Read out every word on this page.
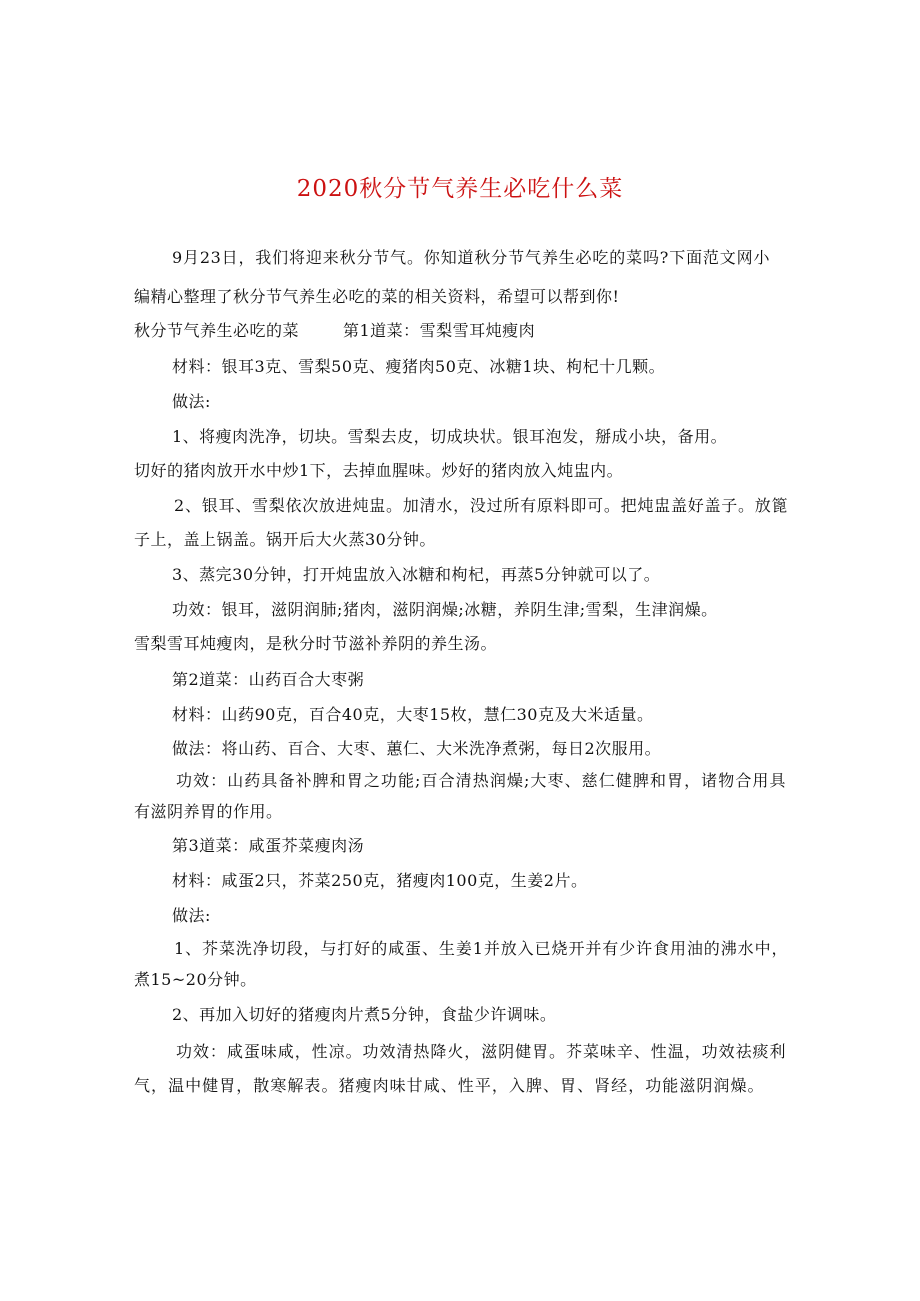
2020秋分节气养生必吃什么菜
9月23日，我们将迎来秋分节气。你知道秋分节气养生必吃的菜吗?下面范文网小
编精心整理了秋分节气养生必吃的菜的相关资料，希望可以帮到你!
秋分节气养生必吃的菜	第1道菜：雪梨雪耳炖瘦肉
材料：银耳3克、雪梨50克、瘦猪肉50克、冰糖1块、枸杞十几颗。
做法:
1、将瘦肉洗净，切块。雪梨去皮，切成块状。银耳泡发，掰成小块，备用。
切好的猪肉放开水中炒1下，去掉血腥味。炒好的猪肉放入炖盅内。
2、银耳、雪梨依次放进炖盅。加清水，没过所有原料即可。把炖盅盖好盖子。放篦
子上，盖上锅盖。锅开后大火蒸30分钟。
3、蒸完30分钟，打开炖盅放入冰糖和枸杞，再蒸5分钟就可以了。
功效：银耳，滋阴润肺;猪肉，滋阴润燥;冰糖，养阴生津;雪梨，生津润燥。
雪梨雪耳炖瘦肉，是秋分时节滋补养阴的养生汤。
第2道菜：山药百合大枣粥
材料：山药90克，百合40克，大枣15枚，慧仁30克及大米适量。
做法：将山药、百合、大枣、蕙仁、大米洗净煮粥，每日2次服用。
功效：山药具备补脾和胃之功能;百合清热润燥;大枣、慈仁健脾和胃，诸物合用具
有滋阴养胃的作用。
第3道菜：咸蛋芥菜瘦肉汤
材料：咸蛋2只，芥菜250克，猪瘦肉100克，生姜2片。
做法:
1、芥菜洗净切段，与打好的咸蛋、生姜1并放入已烧开并有少许食用油的沸水中，
煮15~20分钟。
2、再加入切好的猪瘦肉片煮5分钟，食盐少许调味。
功效：咸蛋味咸，性凉。功效清热降火，滋阴健胃。芥菜味辛、性温，功效祛痰利
气，温中健胃，散寒解表。猪瘦肉味甘咸、性平，入脾、胃、肾经，功能滋阴润燥。
